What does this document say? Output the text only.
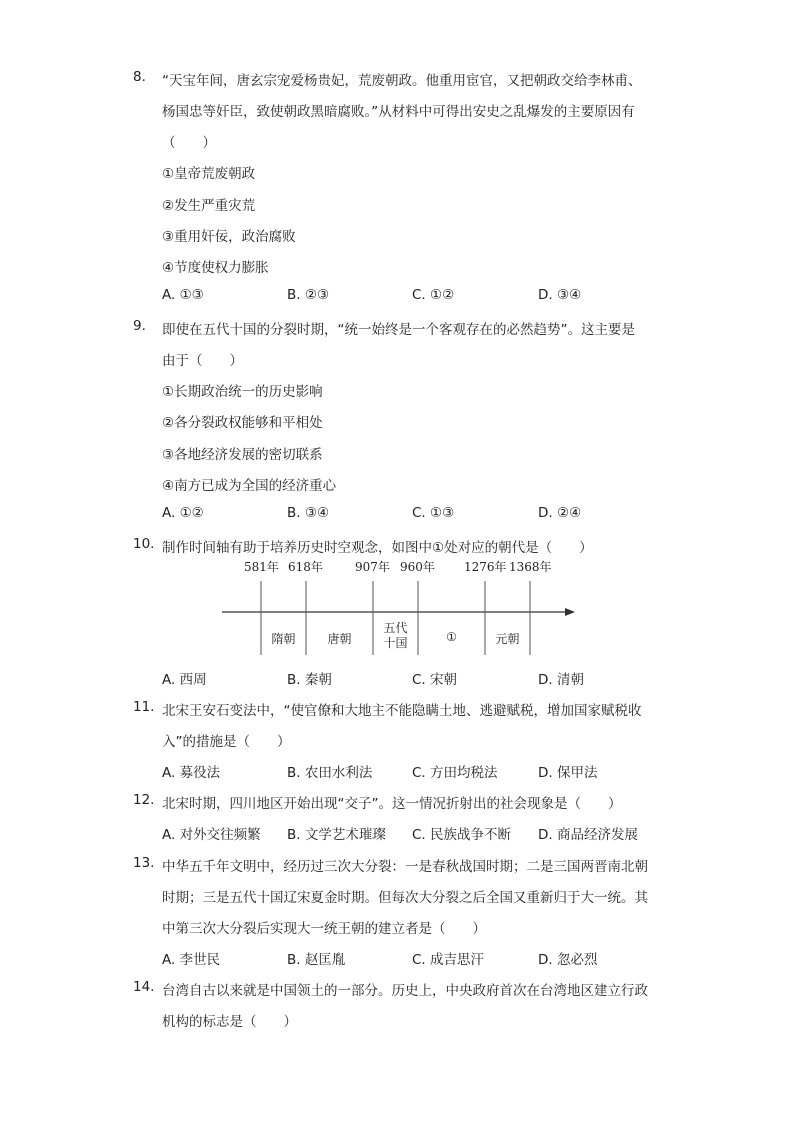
8. “天宝年间，唐玄宗宠爱杨贵妃，荒废朝政。他重用宦官，又把朝政交给李林甫、
杨国忠等奸臣，致使朝政黑暗腐败。”从材料中可得出安史之乱爆发的主要原因有
（　　）
①皇帝荒废朝政
②发生严重灾荒
③重用奸佞，政治腐败
④节度使权力膨胀
A. ①③	B. ②③	C. ①②	D. ③④
9. 即使在五代十国的分裂时期，“统一始终是一个客观存在的必然趋势”。这主要是
由于（　　）
①长期政治统一的历史影响
②各分裂政权能够和平相处
③各地经济发展的密切联系
④南方已成为全国的经济重心
A. ①②	B. ③④	C. ①③	D. ②④
10. 制作时间轴有助于培养历史时空观念，如图中①处对应的朝代是（　　）
581年 618年	907年 960年 1276年 1368年
隋朝	唐朝
五代
十国	①	元朝
A. 西周	B. 秦朝	C. 宋朝	D. 清朝
11. 北宋王安石变法中，“使官僚和大地主不能隐瞒土地、逃避赋税，增加国家赋税收
入”的措施是（　　）
A. 募役法	B. 农田水利法	C. 方田均税法	D. 保甲法
12. 北宋时期，四川地区开始出现“交子”。这一情况折射出的社会现象是（　　）
A. 对外交往频繁 B. 文学艺术璀璨 C. 民族战争不断 D. 商品经济发展
13. 中华五千年文明中，经历过三次大分裂：一是春秋战国时期；二是三国两晋南北朝
时期；三是五代十国辽宋夏金时期。但每次大分裂之后全国又重新归于大一统。其
中第三次大分裂后实现大一统王朝的建立者是（　　）
A. 李世民	B. 赵匡胤	C. 成吉思汗	D. 忽必烈
14. 台湾自古以来就是中国领土的一部分。历史上，中央政府首次在台湾地区建立行政
机构的标志是（　　）
